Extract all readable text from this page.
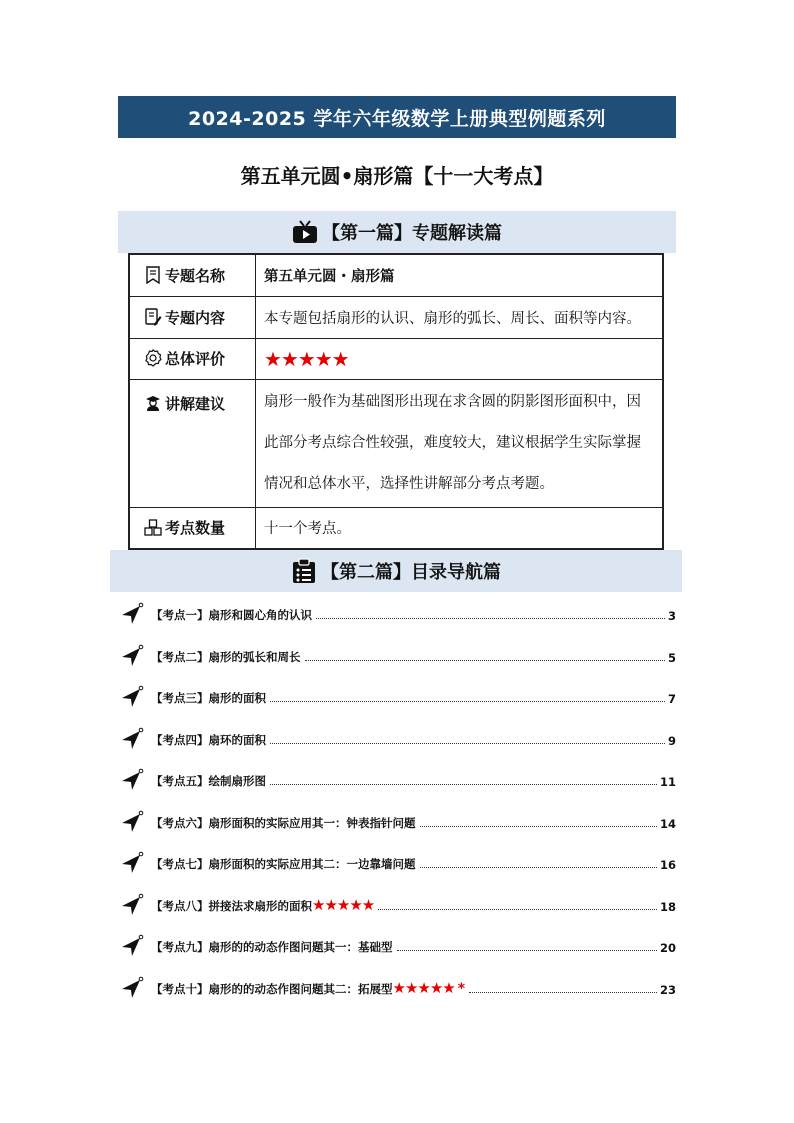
2024-2025 学年六年级数学上册典型例题系列
第五单元圆•扇形篇【十一大考点】
【第一篇】专题解读篇
专题名称	第五单元圆・扇形篇
专题内容	本专题包括扇形的认识、扇形的弧长、周长、面积等内容。
总体评价	★★★★★
讲解建议	扇形一般作为基础图形出现在求含圆的阴影图形面积中，因此部分考点综合性较强，难度较大，建议根据学生实际掌握情况和总体水平，选择性讲解部分考点考题。

考点数量	十一个考点。
【第二篇】目录导航篇
【考点一】扇形和圆心角的认识	3
【考点二】扇形的弧长和周长	5
【考点三】扇形的面积	7
【考点四】扇环的面积	9
【考点五】绘制扇形图	11
【考点六】扇形面积的实际应用其一：钟表指针问题	14
【考点七】扇形面积的实际应用其二：一边靠墙问题	16
【考点八】拼接法求扇形的面积★★★★★	18
【考点九】扇形的的动态作图问题其一：基础型	20
【考点十】扇形的的动态作图问题其二：拓展型★★★★★ *	23
